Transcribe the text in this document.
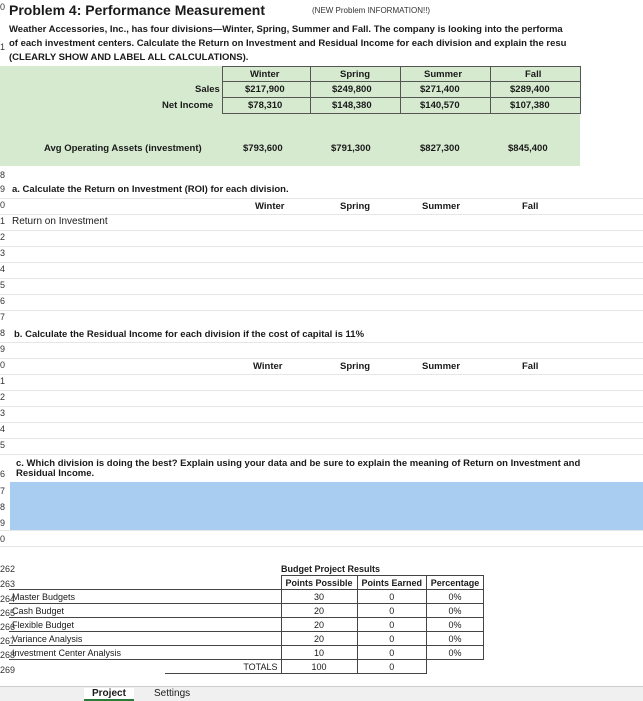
0
1
8
9
0
1
2
3
4
5
6
7
8
9
0
1
2
3
4
5
6
7
8
9
0
Problem 4: Performance Measurement	(NEW Problem INFORMATION!!)
Weather Accessories, Inc., has four divisions—Winter, Spring, Summer and Fall. The company is looking into the performa
of each investment centers. Calculate the Return on Investment and Residual Income for each division and explain the resu
(CLEARLY SHOW AND LABEL ALL CALCULATIONS).
Winter	Spring	Summer	Fall
Sales	$217,900	$249,800	$271,400	$289,400
Net Income	$78,310	$148,380	$140,570	$107,380
Avg Operating Assets (investment)	$793,600	$791,300	$827,300	$845,400
a. Calculate the Return on Investment (ROI) for each division.
Winter	Spring	Summer	Fall
Return on Investment
b. Calculate the Residual Income for each division if the cost of capital is 11%
Winter	Spring	Summer	Fall
c. Which division is doing the best? Explain using your data and be sure to explain the meaning of Return on Investment and
Residual Income.
		Budget Project Results		
		Points Possible	Points Earned	Percentage
Master Budgets		30	0	0%
Cash Budget		20	0	0%
Flexible Budget		20	0	0%
Variance Analysis		20	0	0%
Investment Center Analysis		10	0	0%
	TOTALS	100	0	
262
263
264
265
266
267
268
269
Project	Settings
